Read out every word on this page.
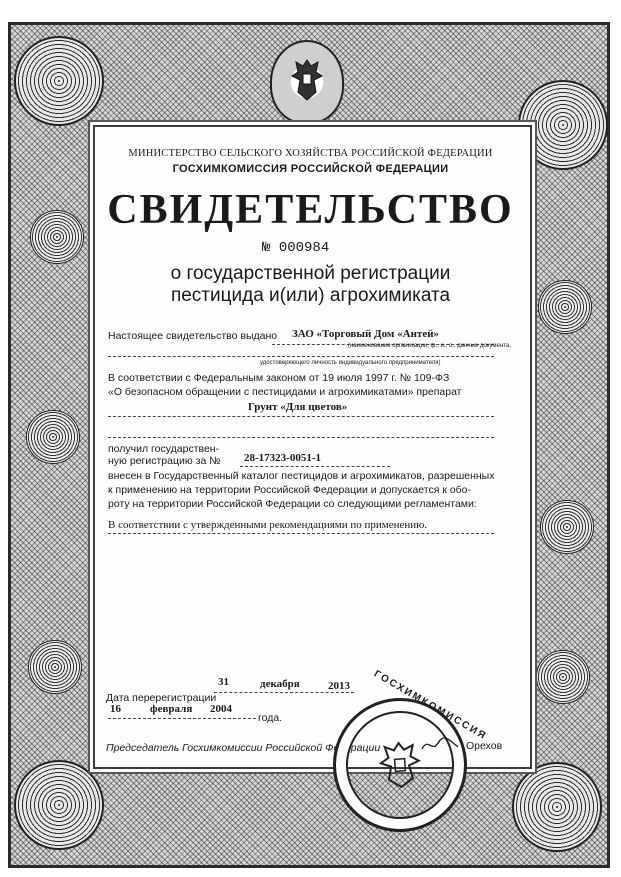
МИНИСТЕРСТВО СЕЛЬСКОГО ХОЗЯЙСТВА РОССИЙСКОЙ ФЕДЕРАЦИИ
ГОСХИМКОМИССИЯ РОССИЙСКОЙ ФЕДЕРАЦИИ
СВИДЕТЕЛЬСТВО
№ 000984
о государственной регистрации
пестицида и(или) агрохимиката
Настоящее свидетельство выдано ЗАО «Торговый Дом «Антей»
(наименование организации, ф., и., о., данные документа,
удостоверяющего личность индивидуального предпринимателя)
В соответствии с Федеральным законом от 19 июля 1997 г. № 109-ФЗ
«О безопасном обращении с пестицидами и агрохимикатами» препарат
Грунт «Для цветов»
получил государствен-
ную регистрацию за № 28-17323-0051-1
внесен в Государственный каталог пестицидов и агрохимикатов, разрешенных
к применению на территории Российской Федерации и допускается к обо-
роту на территории Российской Федерации со следующими регламентами:
В соответствии с утвержденными рекомендациями по применению.
31	декабря	2013
Дата перерегистрации
16	февраля 2004
года.
Председатель Госхимкомиссии Российской Федерации	Орехов
ГОСХИМКОМИССИЯ
